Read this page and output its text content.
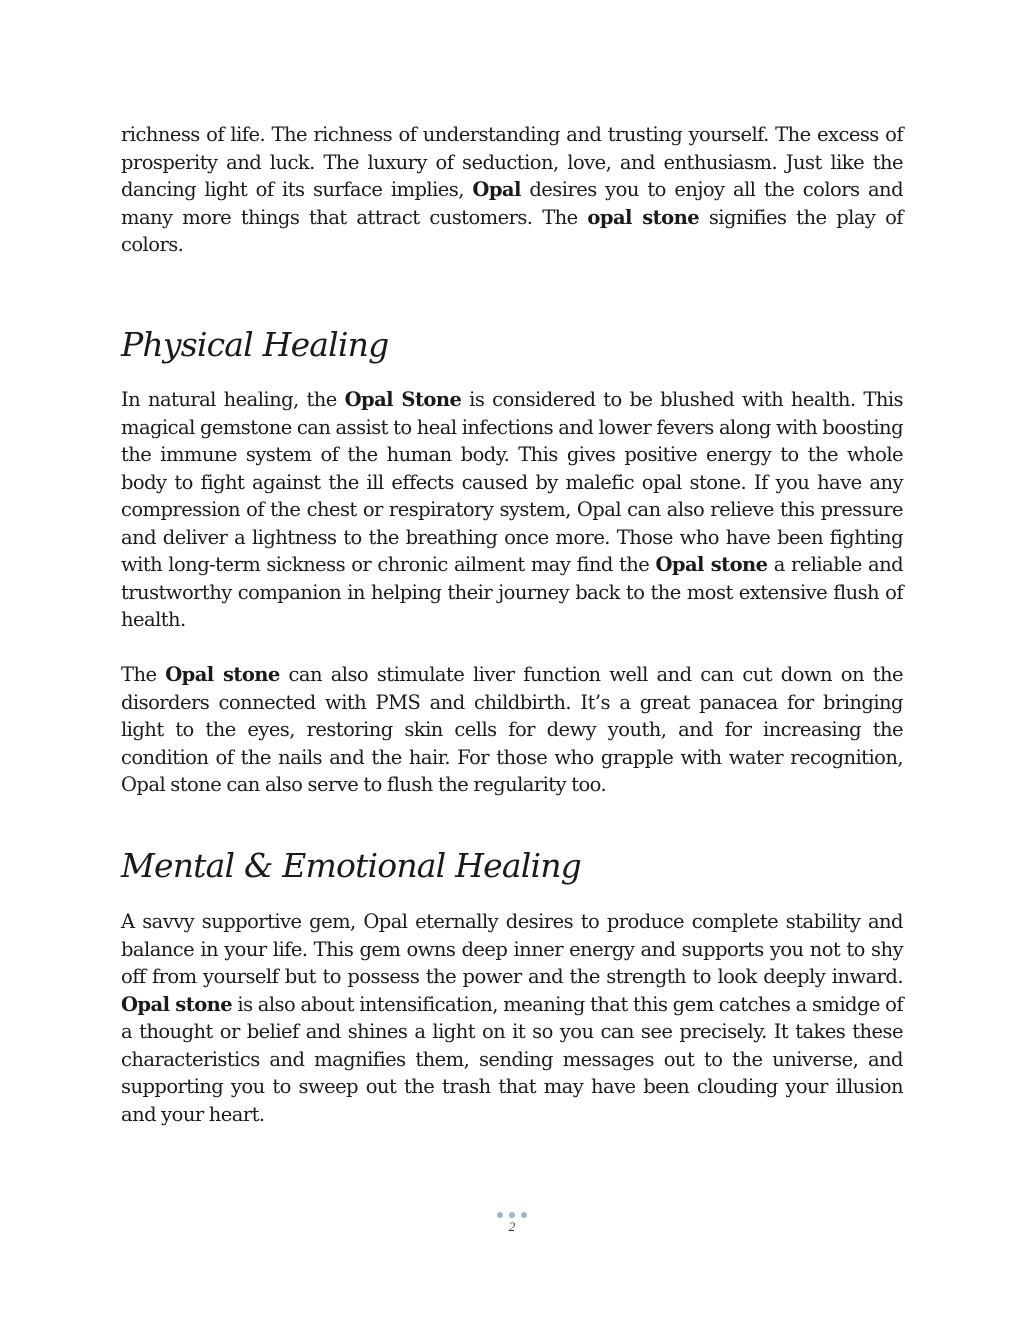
richness of life. The richness of understanding and trusting yourself. The excess of prosperity and luck. The luxury of seduction, love, and enthusiasm. Just like the dancing light of its surface implies, Opal desires you to enjoy all the colors and many more things that attract customers. The opal stone signifies the play of colors.

Physical Healing

In natural healing, the Opal Stone is considered to be blushed with health. This magical gemstone can assist to heal infections and lower fevers along with boosting the immune system of the human body. This gives positive energy to the whole body to fight against the ill effects caused by malefic opal stone. If you have any compression of the chest or respiratory system, Opal can also relieve this pressure and deliver a lightness to the breathing once more. Those who have been fighting with long-term sickness or chronic ailment may find the Opal stone a reliable and trustworthy companion in helping their journey back to the most extensive flush of health.

The Opal stone can also stimulate liver function well and can cut down on the disorders connected with PMS and childbirth. It’s a great panacea for bringing light to the eyes, restoring skin cells for dewy youth, and for increasing the condition of the nails and the hair. For those who grapple with water recognition, Opal stone can also serve to flush the regularity too.

Mental & Emotional Healing

A savvy supportive gem, Opal eternally desires to produce complete stability and balance in your life. This gem owns deep inner energy and supports you not to shy off from yourself but to possess the power and the strength to look deeply inward. Opal stone is also about intensification, meaning that this gem catches a smidge of a thought or belief and shines a light on it so you can see precisely. It takes these characteristics and magnifies them, sending messages out to the universe, and supporting you to sweep out the trash that may have been clouding your illusion and your heart.

2
